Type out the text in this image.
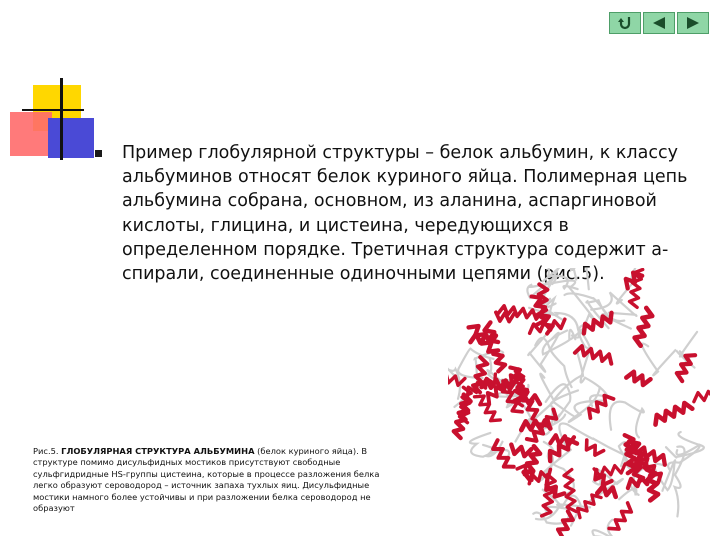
Пример глобулярной структуры – белок альбумин, к классу альбуминов относят белок куриного яйца. Полимерная цепь альбумина собрана, основном, из аланина, аспаргиновой кислоты, глицина, и цистеина, чередующихся в определенном порядке. Третичная структура содержит а-спирали, соединенные одиночными цепями (рис.5).
Рис.5. ГЛОБУЛЯРНАЯ СТРУКТУРА АЛЬБУМИНА (белок куриного яйца). В структуре помимо дисульфидных мостиков присутствуют свободные сульфгидридные HS-группы цистеина, которые в процессе разложения белка легко образуют сероводород – источник запаха тухлых яиц. Дисульфидные мостики намного более устойчивы и при разложении белка сероводород не образуют
